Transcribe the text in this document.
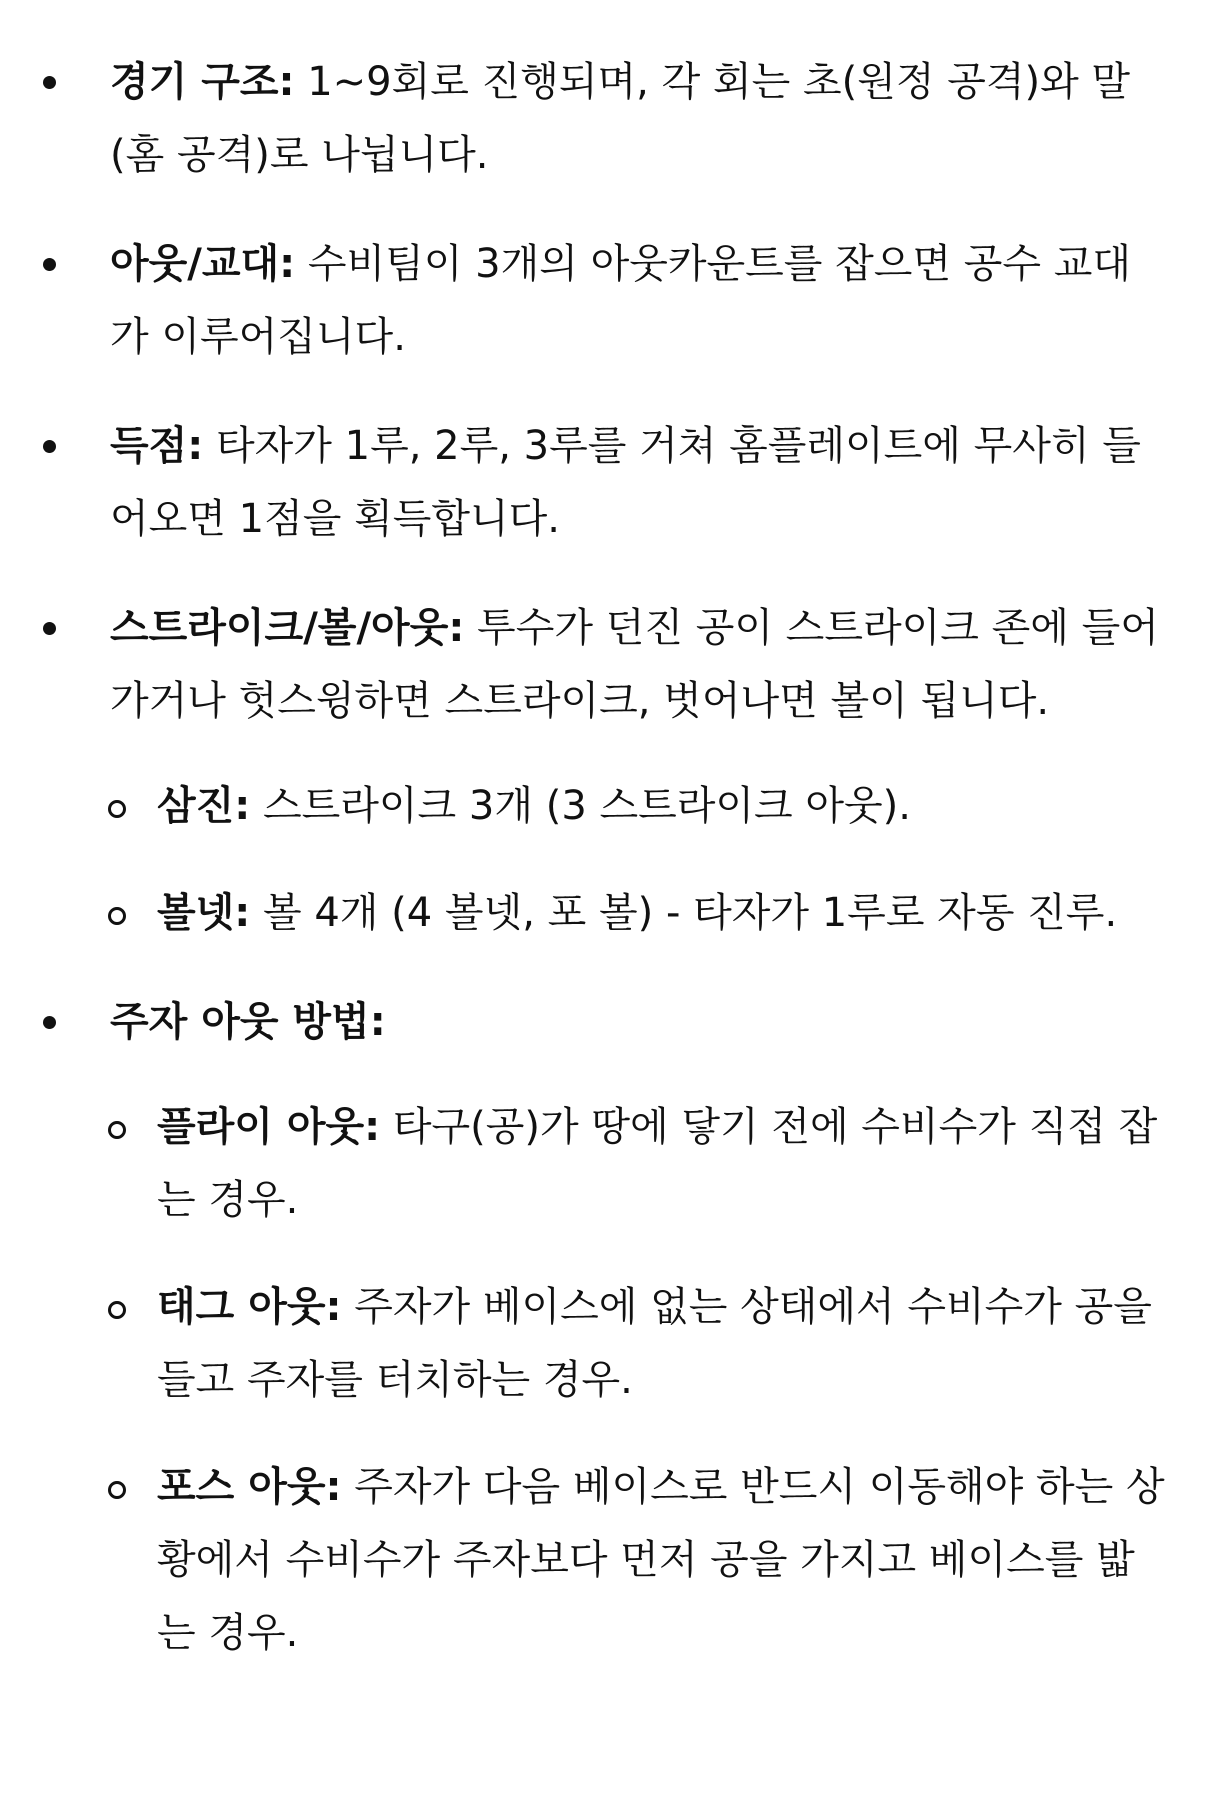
경기 구조: 1~9회로 진행되며, 각 회는 초(원정 공격)와 말(홈 공격)로 나뉩니다.
아웃/교대: 수비팀이 3개의 아웃카운트를 잡으면 공수 교대가 이루어집니다.
득점: 타자가 1루, 2루, 3루를 거쳐 홈플레이트에 무사히 들어오면 1점을 획득합니다.
스트라이크/볼/아웃: 투수가 던진 공이 스트라이크 존에 들어가거나 헛스윙하면 스트라이크, 벗어나면 볼이 됩니다.
삼진: 스트라이크 3개 (3 스트라이크 아웃).
볼넷: 볼 4개 (4 볼넷, 포 볼) - 타자가 1루로 자동 진루.
주자 아웃 방법:
플라이 아웃: 타구(공)가 땅에 닿기 전에 수비수가 직접 잡는 경우.
태그 아웃: 주자가 베이스에 없는 상태에서 수비수가 공을 들고 주자를 터치하는 경우.
포스 아웃: 주자가 다음 베이스로 반드시 이동해야 하는 상황에서 수비수가 주자보다 먼저 공을 가지고 베이스를 밟는 경우.
